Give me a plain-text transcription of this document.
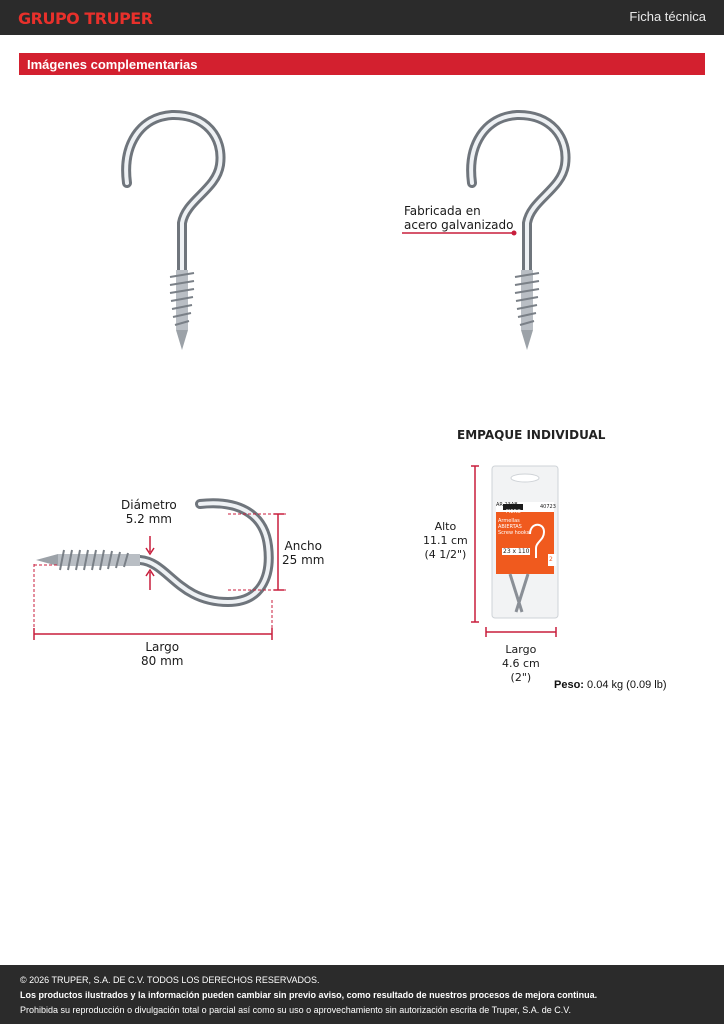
GRUPO TRUPER	Ficha técnica
Imágenes complementarias
Fabricada en
acero galvanizado
Diámetro
5.2 mm
Ancho
25 mm
Largo
80 mm
EMPAQUE INDIVIDUAL
AR-23AB
FIERO
40723
Armellas
ABIERTAS
Screw hooks
23 x 110
2
Alto
11.1 cm
(4 1/2")
Largo
4.6 cm
(2")
Peso: 0.04 kg (0.09 lb)
© 2026 TRUPER, S.A. DE C.V. TODOS LOS DERECHOS RESERVADOS.
Los productos ilustrados y la información pueden cambiar sin previo aviso, como resultado de nuestros procesos de mejora continua.
Prohibida su reproducción o divulgación total o parcial así como su uso o aprovechamiento sin autorización escrita de Truper, S.A. de C.V.
